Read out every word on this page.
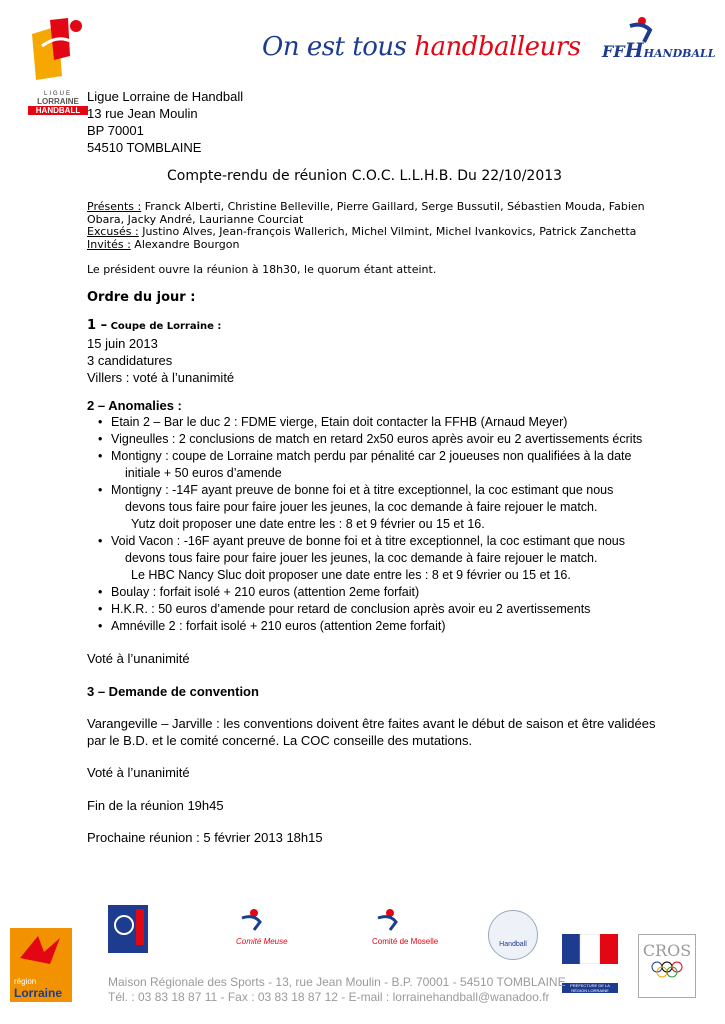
LIGUE
LORRAINE
HANDBALL
On est tous handballeurs FFHHANDBALL
Ligue Lorraine de Handball
13 rue Jean Moulin
BP 70001
54510 TOMBLAINE
Compte-rendu de réunion C.O.C. L.L.H.B. Du 22/10/2013
Présents : Franck Alberti, Christine Belleville, Pierre Gaillard, Serge Bussutil, Sébastien Mouda, Fabien
Obara, Jacky André, Laurianne Courciat
Excusés : Justino Alves, Jean-françois Wallerich, Michel Vilmint, Michel Ivankovics, Patrick Zanchetta
Invités : Alexandre Bourgon
Le président ouvre la réunion à 18h30, le quorum étant atteint.
Ordre du jour :
1 – Coupe de Lorraine :
15 juin 2013
3 candidatures
Villers : voté à l’unanimité
2 – Anomalies :
• Etain 2 – Bar le duc 2 : FDME vierge, Etain doit contacter la FFHB (Arnaud Meyer)
• Vigneulles : 2 conclusions de match en retard 2x50 euros après avoir eu 2 avertissements écrits
• Montigny : coupe de Lorraine match perdu par pénalité car 2 joueuses non qualifiées à la date
initiale + 50 euros d’amende
• Montigny : -14F ayant preuve de bonne foi et à titre exceptionnel, la coc estimant que nous
devons tous faire pour faire jouer les jeunes, la coc demande à faire rejouer le match.
Yutz doit proposer une date entre les : 8 et 9 février ou 15 et 16.
• Void Vacon : -16F ayant preuve de bonne foi et à titre exceptionnel, la coc estimant que nous
devons tous faire pour faire jouer les jeunes, la coc demande à faire rejouer le match.
Le HBC Nancy Sluc doit proposer une date entre les : 8 et 9 février ou 15 et 16.
• Boulay : forfait isolé + 210 euros (attention 2eme forfait)
• H.K.R. : 50 euros d’amende pour retard de conclusion après avoir eu 2 avertissements
• Amnéville 2 : forfait isolé + 210 euros (attention 2eme forfait)
Voté à l’unanimité
3 – Demande de convention
Varangeville – Jarville : les conventions doivent être faites avant le début de saison et être validées
par le B.D. et le comité concerné. La COC conseille des mutations.
Voté à l’unanimité
Fin de la réunion 19h45
Prochaine réunion : 5 février 2013 18h15
région
Lorraine
Comité Meuse	Comité de Moselle	Handball
PRÉFECTURE DE LA RÉGION LORRAINE
CROS
Maison Régionale des Sports - 13, rue Jean Moulin - B.P. 70001 - 54510 TOMBLAINE
Tél. : 03 83 18 87 11 - Fax : 03 83 18 87 12 - E-mail : lorrainehandball@wanadoo.fr
